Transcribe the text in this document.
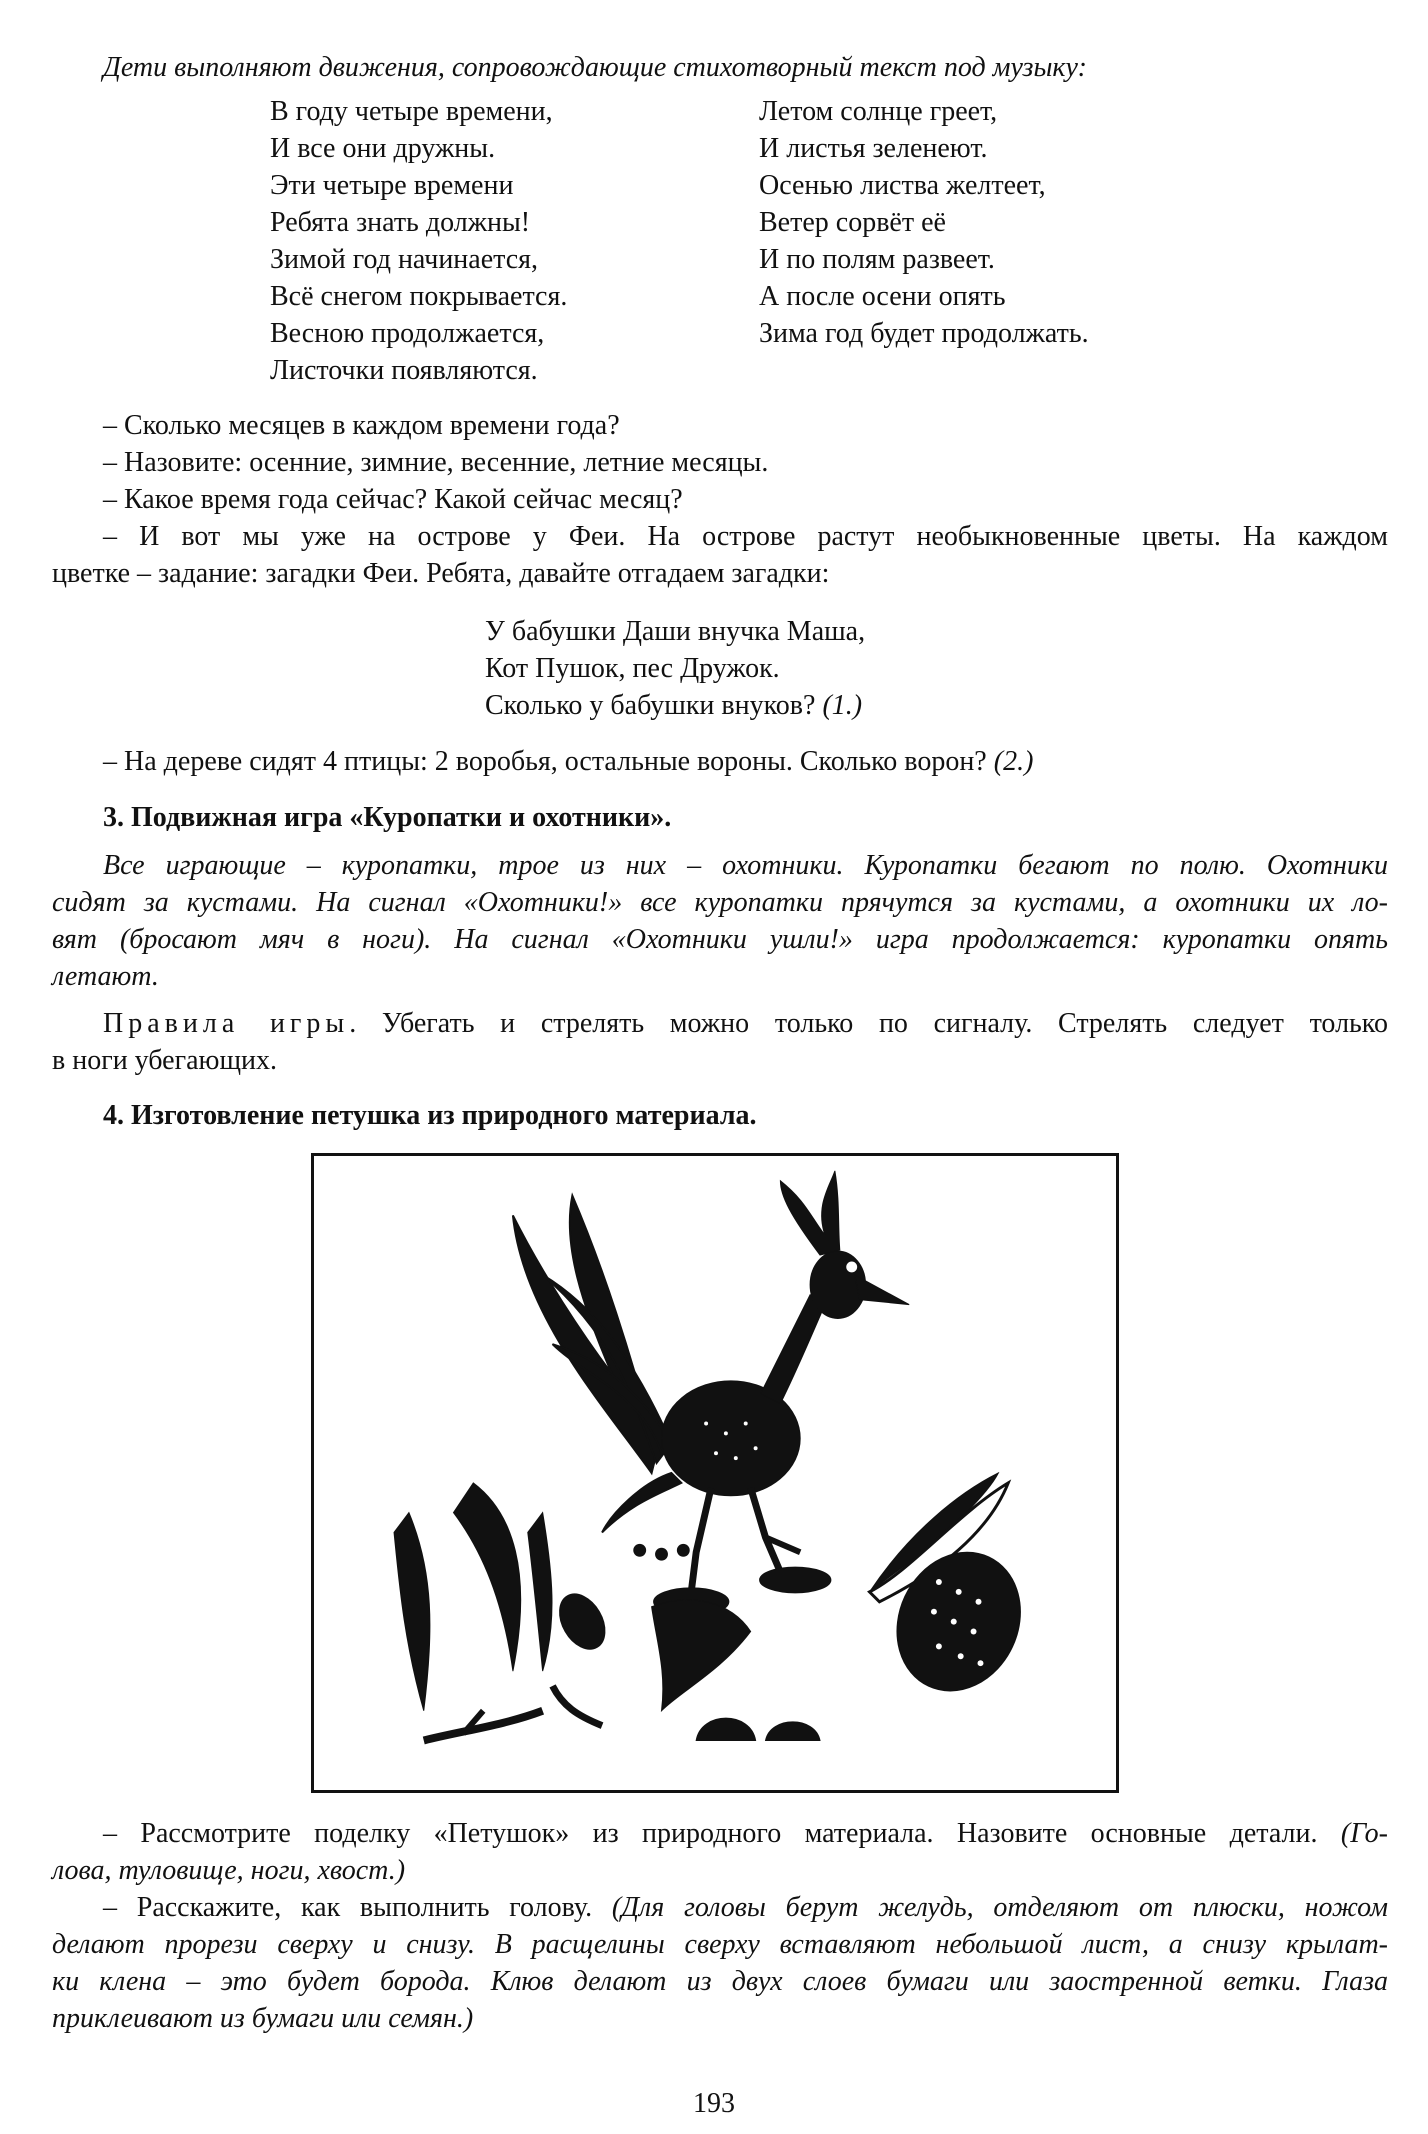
Дети выполняют движения, сопровождающие стихотворный текст под музыку:
В году четыре времени,
И все они дружны.
Эти четыре времени
Ребята знать должны!
Зимой год начинается,
Всё снегом покрывается.
Весною продолжается,
Листочки появляются.
Летом солнце греет,
И листья зеленеют.
Осенью листва желтеет,
Ветер сорвёт её
И по полям развеет.
А после осени опять
Зима год будет продолжать.
– Сколько месяцев в каждом времени года?
– Назовите: осенние, зимние, весенние, летние месяцы.
– Какое время года сейчас? Какой сейчас месяц?
– И вот мы уже на острове у Феи. На острове растут необыкновенные цветы. На каждом
цветке – задание: загадки Феи. Ребята, давайте отгадаем загадки:
У бабушки Даши внучка Маша,
Кот Пушок, пес Дружок.
Сколько у бабушки внуков? (1.)
– На дереве сидят 4 птицы: 2 воробья, остальные вороны. Сколько ворон? (2.)
3. Подвижная игра «Куропатки и охотники».
Все играющие – куропатки, трое из них – охотники. Куропатки бегают по полю. Охотники
сидят за кустами. На сигнал «Охотники!» все куропатки прячутся за кустами, а охотники их ло-
вят (бросают мяч в ноги). На сигнал «Охотники ушли!» игра продолжается: куропатки опять
летают.
Правила игры. Убегать и стрелять можно только по сигналу. Стрелять следует только
в ноги убегающих.
4. Изготовление петушка из природного материала.
– Рассмотрите поделку «Петушок» из природного материала. Назовите основные детали. (Го-
лова, туловище, ноги, хвост.)
– Расскажите, как выполнить голову. (Для головы берут желудь, отделяют от плюски, ножом
делают прорези сверху и снизу. В расщелины сверху вставляют небольшой лист, а снизу крылат-
ки клена – это будет борода. Клюв делают из двух слоев бумаги или заостренной ветки. Глаза
приклеивают из бумаги или семян.)
193
